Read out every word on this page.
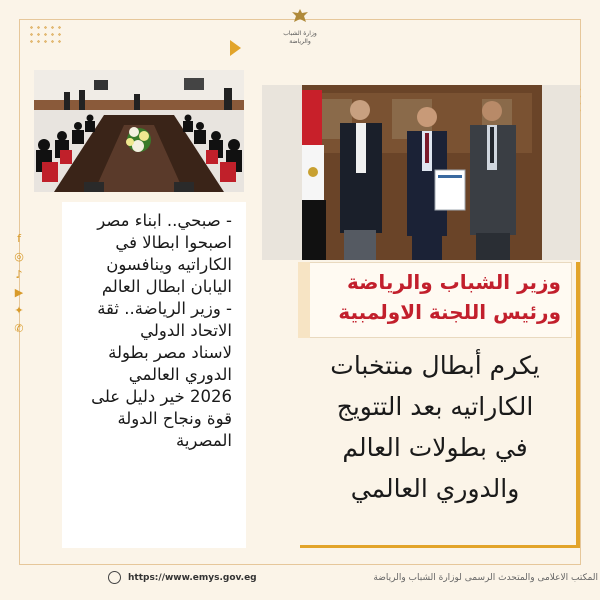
وزارة الشباب والرياضة
f
◎
♪
▶
✦
✆

- صبحي.. ابناء مصر

اصبحوا ابطالا في

الكاراتيه وينافسون

اليابان ابطال العالم

- وزير الرياضة.. ثقة

الاتحاد الدولي

لاسناد مصر بطولة

الدوري العالمي

2026 خير دليل على

قوة ونجاح الدولة

المصرية

وزير الشباب والرياضة
ورئيس اللجنة الاولمبية
يكرم أبطال منتخبات
الكاراتيه بعد التتويج
في بطولات العالم
والدوري العالمي
https://www.emys.gov.eg	المكتب الاعلامى والمتحدث الرسمى لوزارة الشباب والرياضة
